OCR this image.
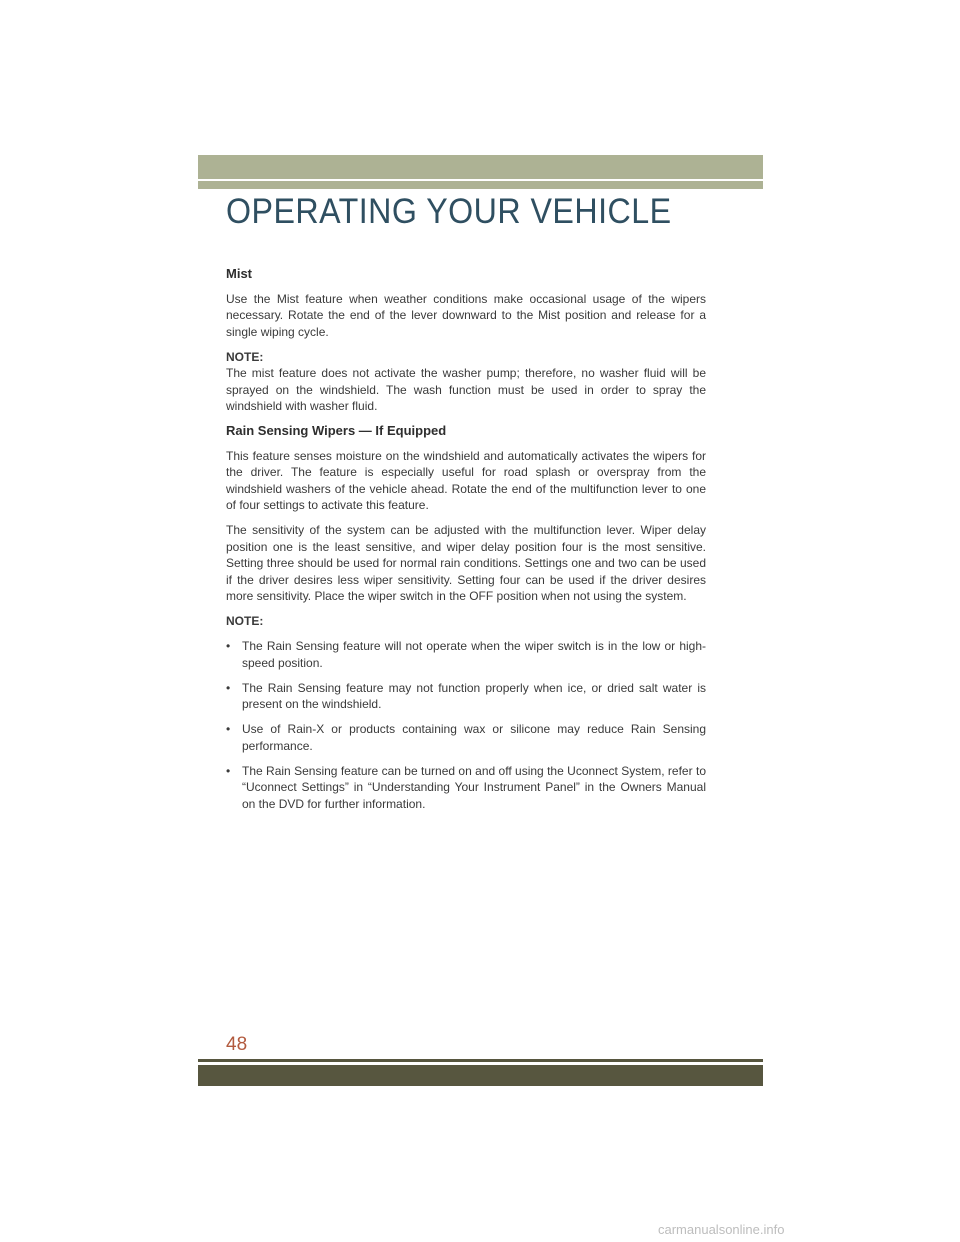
OPERATING YOUR VEHICLE
Mist

Use the Mist feature when weather conditions make occasional usage of the wipers necessary. Rotate the end of the lever downward to the Mist position and release for a single wiping cycle.

NOTE:

The mist feature does not activate the washer pump; therefore, no washer fluid will be sprayed on the windshield. The wash function must be used in order to spray the windshield with washer fluid.

Rain Sensing Wipers — If Equipped

This feature senses moisture on the windshield and automatically activates the wipers for the driver. The feature is especially useful for road splash or overspray from the windshield washers of the vehicle ahead. Rotate the end of the multifunction lever to one of four settings to activate this feature.

The sensitivity of the system can be adjusted with the multifunction lever. Wiper delay position one is the least sensitive, and wiper delay position four is the most sensitive. Setting three should be used for normal rain conditions. Settings one and two can be used if the driver desires less wiper sensitivity. Setting four can be used if the driver desires more sensitivity. Place the wiper switch in the OFF position when not using the system.

NOTE:

• The Rain Sensing feature will not operate when the wiper switch is in the low or high-speed position.
• The Rain Sensing feature may not function properly when ice, or dried salt water is present on the windshield.
• Use of Rain-X or products containing wax or silicone may reduce Rain Sensing performance.
• The Rain Sensing feature can be turned on and off using the Uconnect System, refer to “Uconnect Settings” in “Understanding Your Instrument Panel” in the Owners Manual on the DVD for further information.
48
carmanualsonline.info
